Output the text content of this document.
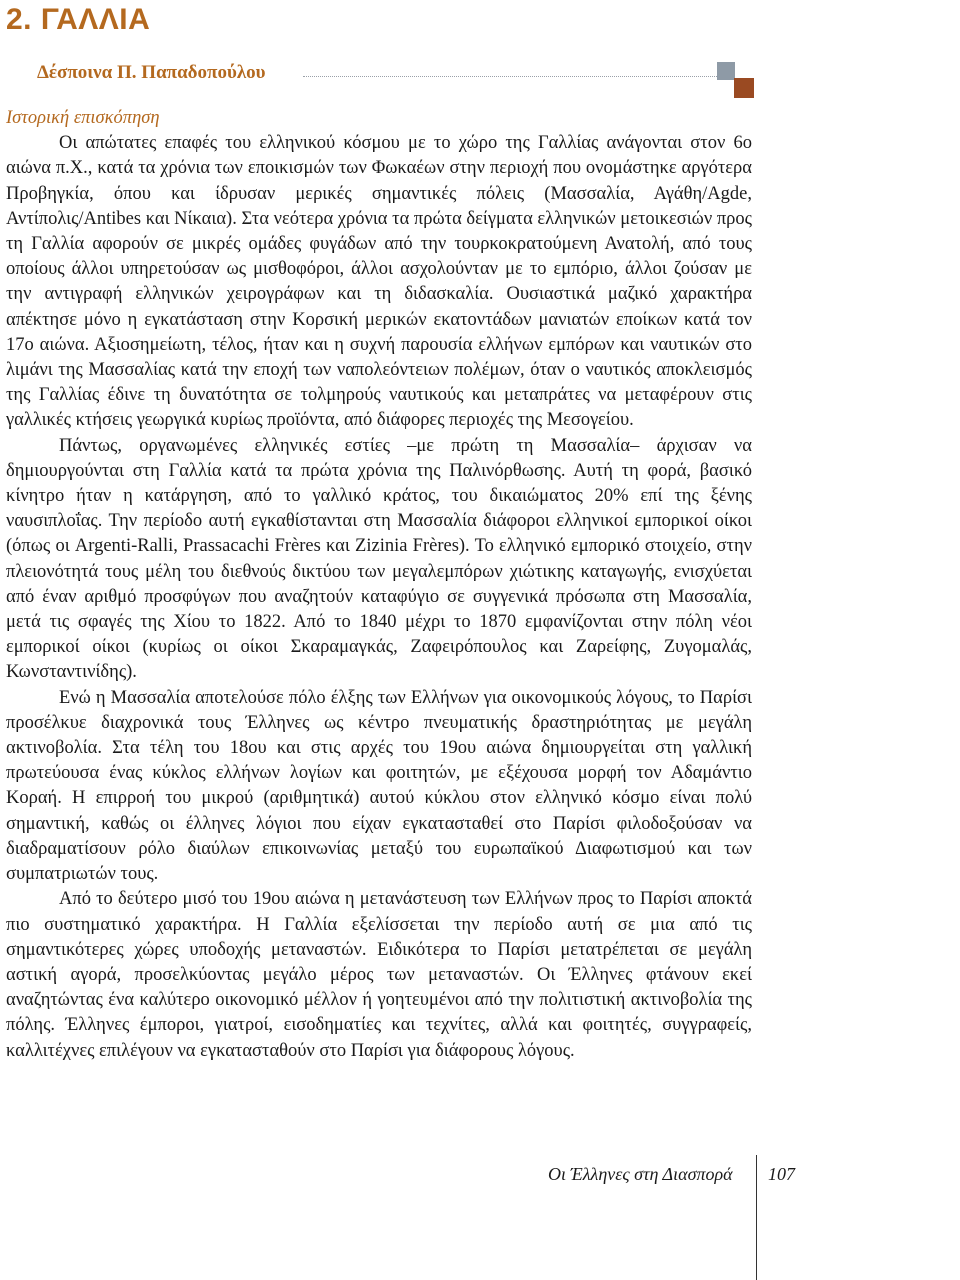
2. ΓΑΛΛΙΑ
Δέσποινα Π. Παπαδοπούλου
Ιστορική επισκόπηση

Οι απώτατες επαφές του ελληνικού κόσμου με το χώρο της Γαλλίας ανάγονται στον 6ο αιώνα π.Χ., κατά τα χρόνια των εποικισμών των Φωκαέων στην περιοχή που ονομάστηκε αργότερα Προβηγκία, όπου και ίδρυσαν μερικές σημαντικές πόλεις (Μασσαλία, Αγάθη/Agde, Αντίπολις/Antibes και Νίκαια). Στα νεότερα χρόνια τα πρώτα δείγματα ελληνικών μετοικεσιών προς τη Γαλλία αφορούν σε μικρές ομάδες φυγάδων από την τουρκοκρατούμενη Ανατολή, από τους οποίους άλλοι υπηρετούσαν ως μισθοφόροι, άλλοι ασχολούνταν με το εμπόριο, άλλοι ζούσαν με την αντιγραφή ελληνικών χειρογράφων και τη διδασκαλία. Ουσιαστικά μαζικό χαρακτήρα απέκτησε μόνο η εγκατάσταση στην Κορσική μερικών εκατοντάδων μανιατών εποίκων κατά τον 17ο αιώνα. Αξιοσημείωτη, τέλος, ήταν και η συχνή παρουσία ελλήνων εμπόρων και ναυτικών στο λιμάνι της Μασσαλίας κατά την εποχή των ναπολεόντειων πολέμων, όταν ο ναυτικός αποκλεισμός της Γαλλίας έδινε τη δυνατότητα σε τολμηρούς ναυτικούς και μεταπράτες να μεταφέρουν στις γαλλικές κτήσεις γεωργικά κυρίως προϊόντα, από διάφορες περιοχές της Μεσογείου.

Πάντως, οργανωμένες ελληνικές εστίες –με πρώτη τη Μασσαλία– άρχισαν να δημιουργούνται στη Γαλλία κατά τα πρώτα χρόνια της Παλινόρθωσης. Αυτή τη φορά, βασικό κίνητρο ήταν η κατάργηση, από το γαλλικό κράτος, του δικαιώματος 20% επί της ξένης ναυσιπλοΐας. Την περίοδο αυτή εγκαθίστανται στη Μασσαλία διάφοροι ελληνικοί εμπορικοί οίκοι (όπως οι Argenti-Ralli, Prassacachi Frères και Zizinia Frères). Το ελληνικό εμπορικό στοιχείο, στην πλειονότητά τους μέλη του διεθνούς δικτύου των μεγαλεμπόρων χιώτικης καταγωγής, ενισχύεται από έναν αριθμό προσφύγων που αναζητούν καταφύγιο σε συγγενικά πρόσωπα στη Μασσαλία, μετά τις σφαγές της Χίου το 1822. Από το 1840 μέχρι το 1870 εμφανίζονται στην πόλη νέοι εμπορικοί οίκοι (κυρίως οι οίκοι Σκαραμαγκάς, Ζαφειρόπουλος και Ζαρείφης, Ζυγομαλάς, Κωνσταντινίδης).

Ενώ η Μασσαλία αποτελούσε πόλο έλξης των Ελλήνων για οικονομικούς λόγους, το Παρίσι προσέλκυε διαχρονικά τους Έλληνες ως κέντρο πνευματικής δραστηριότητας με μεγάλη ακτινοβολία. Στα τέλη του 18ου και στις αρχές του 19ου αιώνα δημιουργείται στη γαλλική πρωτεύουσα ένας κύκλος ελλήνων λογίων και φοιτητών, με εξέχουσα μορφή τον Αδαμάντιο Κοραή. Η επιρροή του μικρού (αριθμητικά) αυτού κύκλου στον ελληνικό κόσμο είναι πολύ σημαντική, καθώς οι έλληνες λόγιοι που είχαν εγκατασταθεί στο Παρίσι φιλοδοξούσαν να διαδραματίσουν ρόλο διαύλων επικοινωνίας μεταξύ του ευρωπαϊκού Διαφωτισμού και των συμπατριωτών τους.

Από το δεύτερο μισό του 19ου αιώνα η μετανάστευση των Ελλήνων προς το Παρίσι αποκτά πιο συστηματικό χαρακτήρα. Η Γαλλία εξελίσσεται την περίοδο αυτή σε μια από τις σημαντικότερες χώρες υποδοχής μεταναστών. Ειδικότερα το Παρίσι μετατρέπεται σε μεγάλη αστική αγορά, προσελκύοντας μεγάλο μέρος των μεταναστών. Οι Έλληνες φτάνουν εκεί αναζητώντας ένα καλύτερο οικονομικό μέλλον ή γοητευμένοι από την πολιτιστική ακτινοβολία της πόλης. Έλληνες έμποροι, γιατροί, εισοδηματίες και τεχνίτες, αλλά και φοιτητές, συγγραφείς, καλλιτέχνες επιλέγουν να εγκατασταθούν στο Παρίσι για διάφορους λόγους.

Οι Έλληνες στη Διασπορά 107
